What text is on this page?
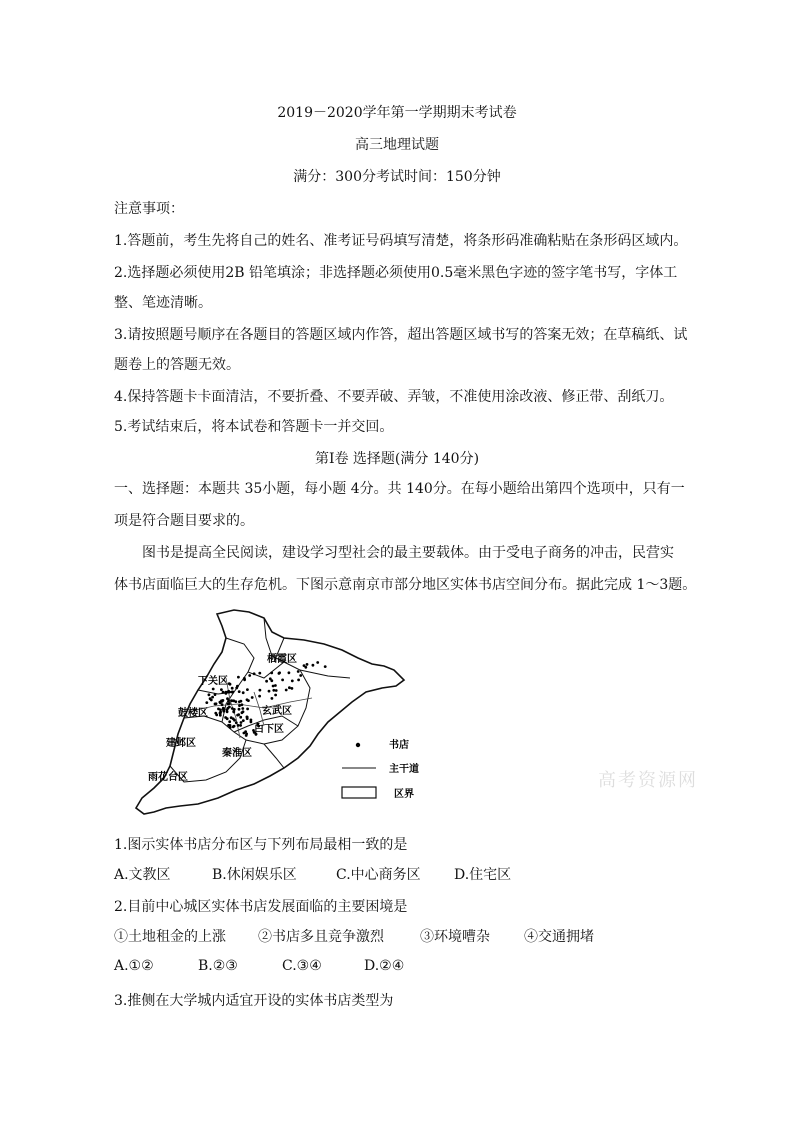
2019－2020学年第一学期期末考试卷
高三地理试题
满分：300分考试时间：150分钟
注意事项：
1.答题前，考生先将自己的姓名、准考证号码填写清楚，将条形码准确粘贴在条形码区域内。
2.选择题必须使用2B 铅笔填涂；非选择题必须使用0.5毫米黑色字迹的签字笔书写，字体工
整、笔迹清晰。
3.请按照题号顺序在各题目的答题区域内作答，超出答题区域书写的答案无效；在草稿纸、试
题卷上的答题无效。
4.保持答题卡卡面清洁，不要折叠、不要弄破、弄皱，不准使用涂改液、修正带、刮纸刀。
5.考试结束后，将本试卷和答题卡一并交回。
第Ⅰ卷 选择题(满分 140分)
一、选择题：本题共 35小题，每小题 4分。共 140分。在每小题给出第四个选项中，只有一
项是符合题目要求的。
图书是提高全民阅读，建设学习型社会的最主要载体。由于受电子商务的冲击，民营实
体书店面临巨大的生存危机。下图示意南京市部分地区实体书店空间分布。据此完成 1～3题。
栖霞区
下关区
鼓楼区	玄武区
白下区
秦淮区
建邺区
雨花台区
书店
主干道
区界
高考资源网
1.图示实体书店分布区与下列布局最相一致的是
A.文教区	B.休闲娱乐区	C.中心商务区 D.住宅区
2.目前中心城区实体书店发展面临的主要困境是
①土地租金的上涨 ②书店多且竞争激烈	③环境嘈杂 ④交通拥堵
A.①②	B.②③	C.③④	D.②④
3.推侧在大学城内适宜开设的实体书店类型为
